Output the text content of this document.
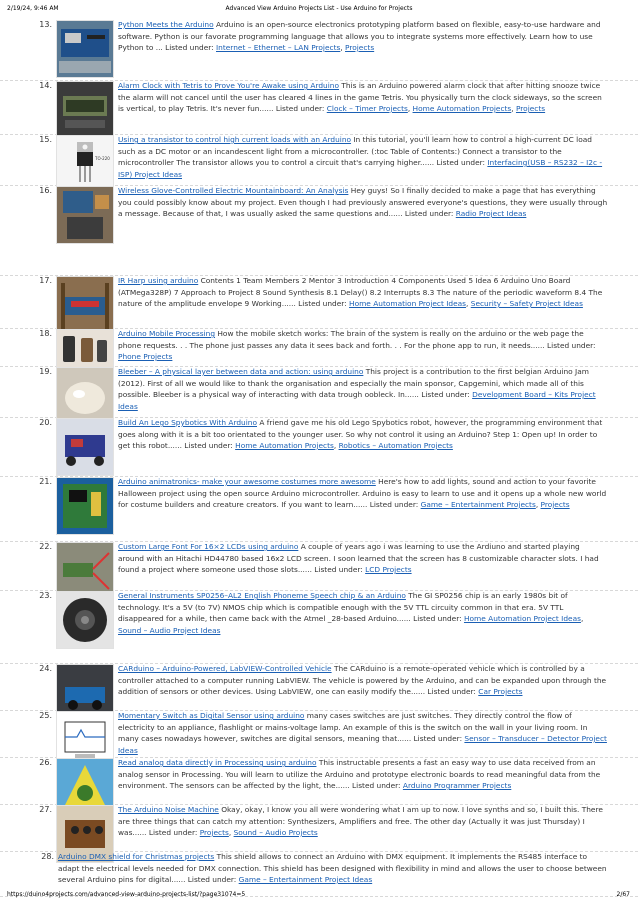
2/19/24, 9:46 AM	Advanced View Arduino Projects List - Use Arduino for Projects
13.	Python Meets the Arduino Arduino is an open-source electronics prototyping platform based on flexible, easy-to-use hardware and software. Python is our favorate programming language that allows you to integrate systems more effectively. Learn how to use Python to ... Listed under: Internet – Ethernet – LAN Projects, Projects
14.	Alarm Clock with Tetris to Prove You're Awake using Arduino This is an Arduino powered alarm clock that after hitting snooze twice the alarm will not cancel until the user has cleared 4 lines in the game Tetris. You physically turn the clock sideways, so the screen is vertical, to play Tetris. It's never fun...... Listed under: Clock – Timer Projects, Home Automation Projects, Projects
15.
TO-220
Using a transistor to control high current loads with an Arduino In this tutorial, you'll learn how to control a high-current DC load such as a DC motor or an incandescent light from a microcontroller. (:toc Table of Contents:) Connect a transistor to the microcontroller The transistor allows you to control a circuit that's carrying higher...... Listed under: Interfacing(USB – RS232 – I2c -ISP) Project Ideas
16.	Wireless Glove-Controlled Electric Mountainboard: An Analysis Hey guys! So I finally decided to make a page that has everything you could possibly know about my project. Even though I had previously answered everyone's questions, they were usually through a message. Because of that, I was usually asked the same questions and...... Listed under: Radio Project Ideas
17.	IR Harp using arduino Contents 1 Team Members 2 Mentor 3 Introduction 4 Components Used 5 Idea 6 Arduino Uno Board (ATMega328P) 7 Approach to Project 8 Sound Synthesis 8.1 Delay() 8.2 Interrupts 8.3 The nature of the periodic waveform 8.4 The nature of the amplitude envelope 9 Working...... Listed under: Home Automation Project Ideas, Security – Safety Project Ideas
18.	Arduino Mobile Processing How the mobile sketch works: The brain of the system is really on the arduino or the web page the phone requests. . . The phone just passes any data it sees back and forth. . . For the phone app to run, it needs...... Listed under: Phone Projects
19.	Bleeber – A physical layer between data and action: using arduino This project is a contribution to the first belgian Arduino Jam (2012). First of all we would like to thank the organisation and especially the main sponsor, Capgemini, which made all of this possible. Bleeber is a physical way of interacting with data trough oobleck. In...... Listed under: Development Board – Kits Project Ideas
20.	Build An Lego Spybotics With Arduino A friend gave me his old Lego Spybotics robot, however, the programming environment that goes along with it is a bit too orientated to the younger user. So why not control it using an Arduino? Step 1: Open up! In order to get this robot...... Listed under: Home Automation Projects, Robotics – Automation Projects
21.	Arduino animatronics- make your awesome costumes more awesome Here's how to add lights, sound and action to your favorite Halloween project using the open source Arduino microcontroller. Arduino is easy to learn to use and it opens up a whole new world for costume builders and creature creators. If you want to learn...... Listed under: Game – Entertainment Projects, Projects
22.	Custom Large Font For 16×2 LCDs using arduino A couple of years ago i was learning to use the Ardiuno and started playing around with an Hitachi HD44780 based 16x2 LCD screen. I soon learned that the screen has 8 customizable character slots. I had found a project where someone used those slots...... Listed under: LCD Projects
23.	General Instruments SP0256–AL2 English Phoneme Speech chip & an Arduino The GI SP0256 chip is an early 1980s bit of technology. It's a 5V (to 7V) NMOS chip which is compatible enough with the 5V TTL circuity common in that era. 5V TTL disappeared for a while, then came back with the Atmel _28-based Arduino...... Listed under: Home Automation Project Ideas, Sound – Audio Project Ideas
24.	CARduino – Arduino-Powered, LabVIEW-Controlled Vehicle The CARduino is a remote-operated vehicle which is controlled by a controller attached to a computer running LabVIEW. The vehicle is powered by the Arduino, and can be expanded upon through the addition of sensors or other devices. Using LabVIEW, one can easily modify the...... Listed under: Car Projects
25.	Momentary Switch as Digital Sensor using arduino many cases switches are just switches. They directly control the flow of electricity to an appliance, flashlight or mains-voltage lamp. An example of this is the switch on the wall in your living room. In many cases nowadays however, switches are digital sensors, meaning that...... Listed under: Sensor – Transducer – Detector Project Ideas
26.	Read analog data directly in Processing using arduino This instructable presents a fast an easy way to use data received from an analog sensor in Processing. You will learn to utilize the Arduino and prototype electronic boards to read meaningful data from the environment. The sensors can be affected by the light, the...... Listed under: Arduino Programmer Projects
27.	The Arduino Noise Machine Okay, okay, I know you all were wondering what I am up to now. I love synths and so, I built this. There are three things that can catch my attention: Synthesizers, Amplifiers and free. The other day (Actually it was just Thursday) I was...... Listed under: Projects, Sound – Audio Projects
28. Arduino DMX shield for Christmas projects This shield allows to connect an Arduino with DMX equipment. It implements the RS485 interface to adapt the electrical levels needed for DMX connection. This shield has been designed with flexibility in mind and allows the user to choose between several Arduino pins for digital...... Listed under: Game – Entertainment Project Ideas
https://duino4projects.com/advanced-view-arduino-projects-list/?page31074=5	2/67
